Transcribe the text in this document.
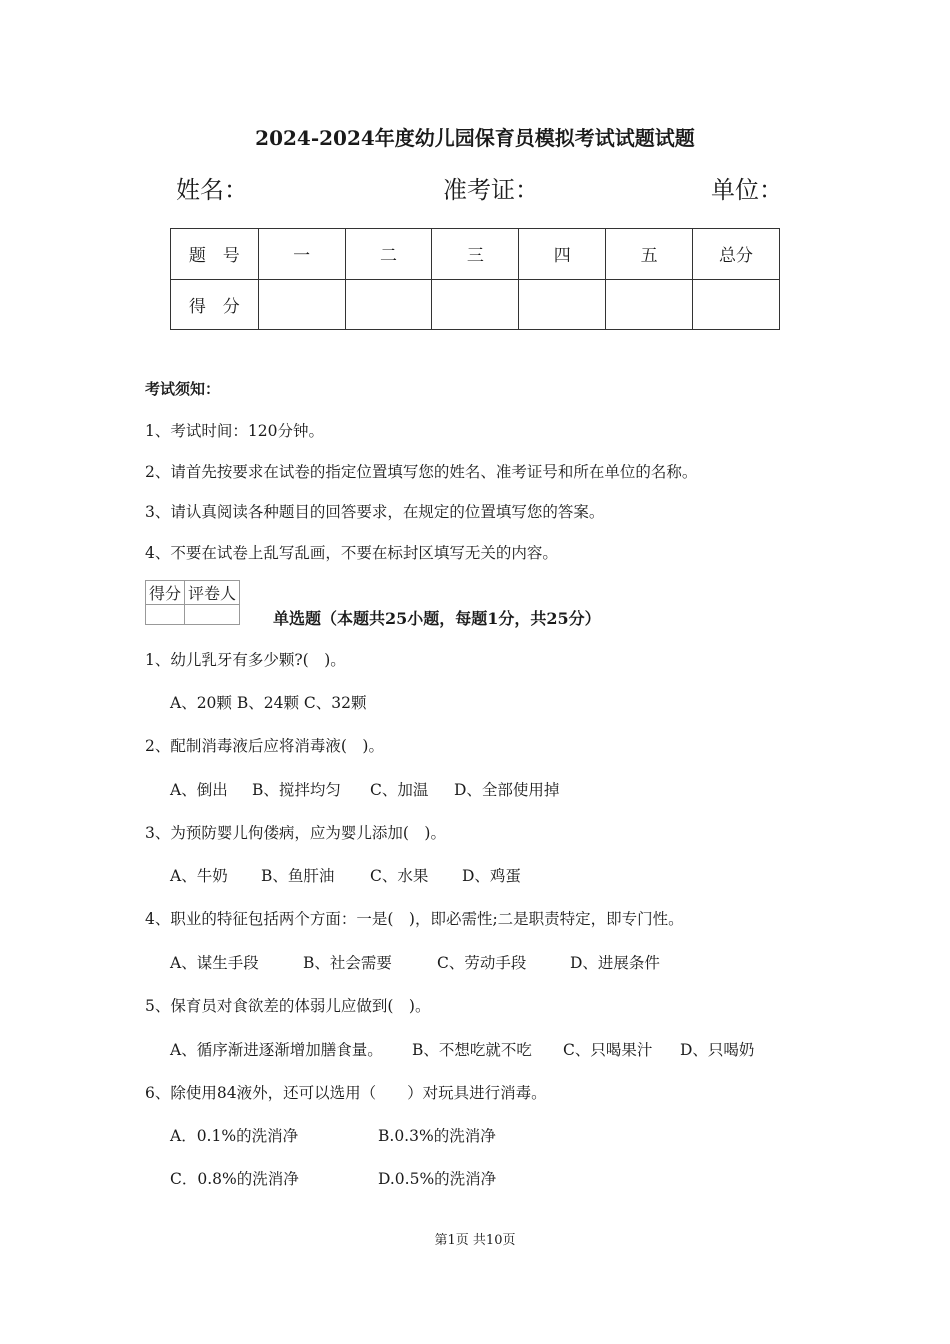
2024-2024年度幼儿园保育员模拟考试试题试题
姓名：	准考证：	单位：
题　号	一	二	三	四	五	总分
得　分						
考试须知：
1、考试时间：120分钟。
2、请首先按要求在试卷的指定位置填写您的姓名、准考证号和所在单位的名称。
3、请认真阅读各种题目的回答要求，在规定的位置填写您的答案。
4、不要在试卷上乱写乱画，不要在标封区填写无关的内容。
得分	评卷人

单选题（本题共25小题，每题1分，共25分）
1、幼儿乳牙有多少颗?(　)。
A、20颗 B、24颗 C、32颗
2、配制消毒液后应将消毒液(　)。
A、倒出 B、搅拌均匀 C、加温 D、全部使用掉
3、为预防婴儿佝偻病，应为婴儿添加(　)。
A、牛奶 B、鱼肝油 C、水果 D、鸡蛋
4、职业的特征包括两个方面：一是(　)，即必需性;二是职责特定，即专门性。
A、谋生手段	B、社会需要	C、劳动手段	D、进展条件
5、保育员对食欲差的体弱儿应做到(　)。
A、循序渐进逐渐增加膳食量。 B、不想吃就不吃 C、只喝果汁 D、只喝奶
6、除使用84液外，还可以选用（　　）对玩具进行消毒。
A．0.1%的洗消净	B.0.3%的洗消净
C．0.8%的洗消净	D.0.5%的洗消净
第1页 共10页
